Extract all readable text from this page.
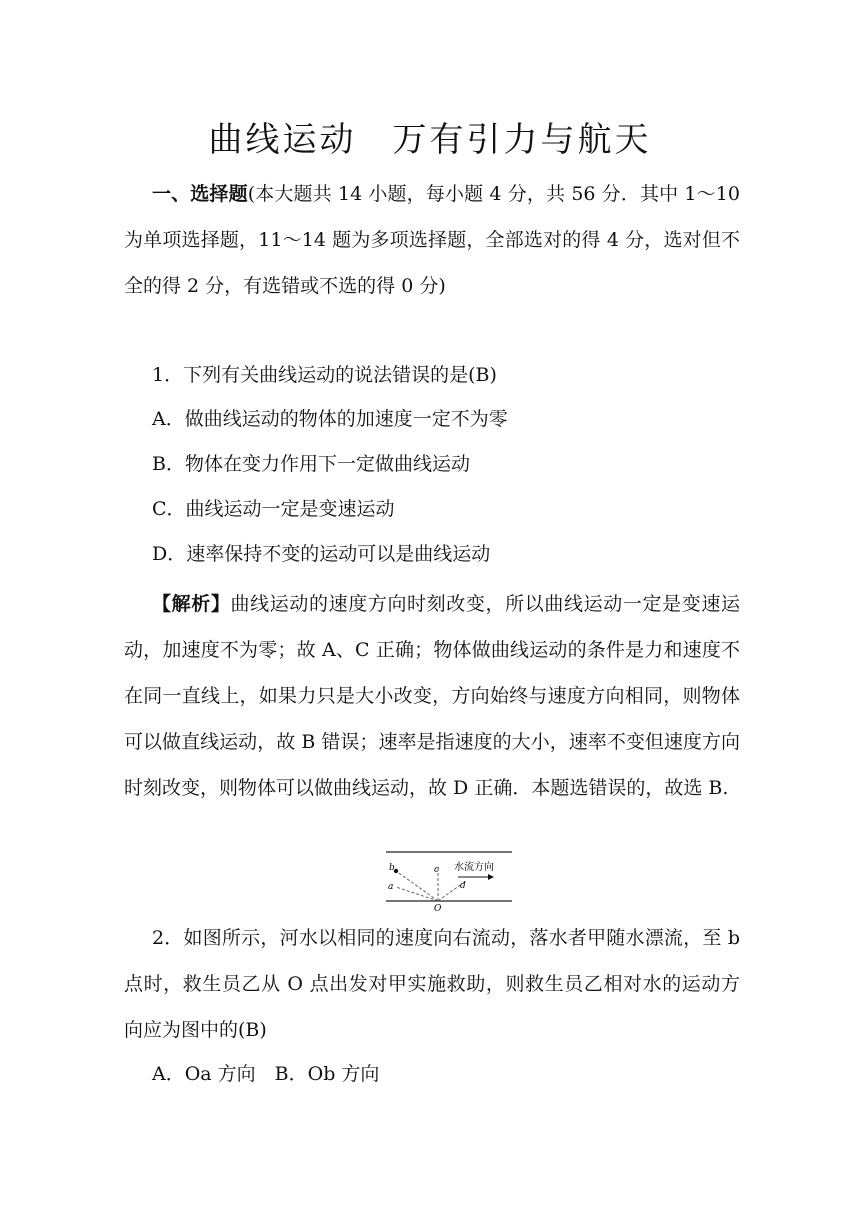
曲线运动 万有引力与航天
一、选择题(本大题共 14 小题，每小题 4 分，共 56 分．其中 1～10 为单项选择题，11～14 题为多项选择题，全部选对的得 4 分，选对但不全的得 2 分，有选错或不选的得 0 分)
1．下列有关曲线运动的说法错误的是(B)
A．做曲线运动的物体的加速度一定不为零
B．物体在变力作用下一定做曲线运动
C．曲线运动一定是变速运动
D．速率保持不变的运动可以是曲线运动
【解析】曲线运动的速度方向时刻改变，所以曲线运动一定是变速运动，加速度不为零；故 A、C 正确；物体做曲线运动的条件是力和速度不在同一直线上，如果力只是大小改变，方向始终与速度方向相同，则物体可以做直线运动，故 B 错误；速率是指速度的大小，速率不变但速度方向时刻改变，则物体可以做曲线运动，故 D 正确．本题选错误的，故选 B.
b
a
c
d
O
水流方向
2．如图所示，河水以相同的速度向右流动，落水者甲随水漂流，至 b 点时，救生员乙从 O 点出发对甲实施救助，则救生员乙相对水的运动方向应为图中的(B)
A．Oa 方向　B．Ob 方向
